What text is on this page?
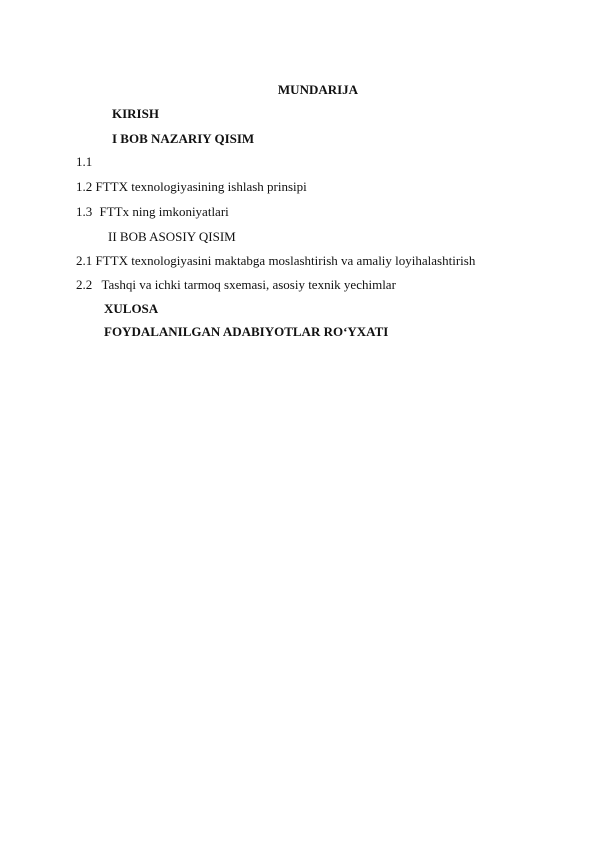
MUNDARIJA
KIRISH
I BOB NAZARIY QISIM
1.1
1.2 FTTX texnologiyasining ishlash prinsipi
1.3 FTTx ning imkoniyatlari
II BOB ASOSIY QISIM
2.1 FTTX texnologiyasini maktabga moslashtirish va amaliy loyihalashtirish
2.2 Tashqi va ichki tarmoq sxemasi, asosiy texnik yechimlar
XULOSA
FOYDALANILGAN ADABIYOTLAR RO‘YXATI
